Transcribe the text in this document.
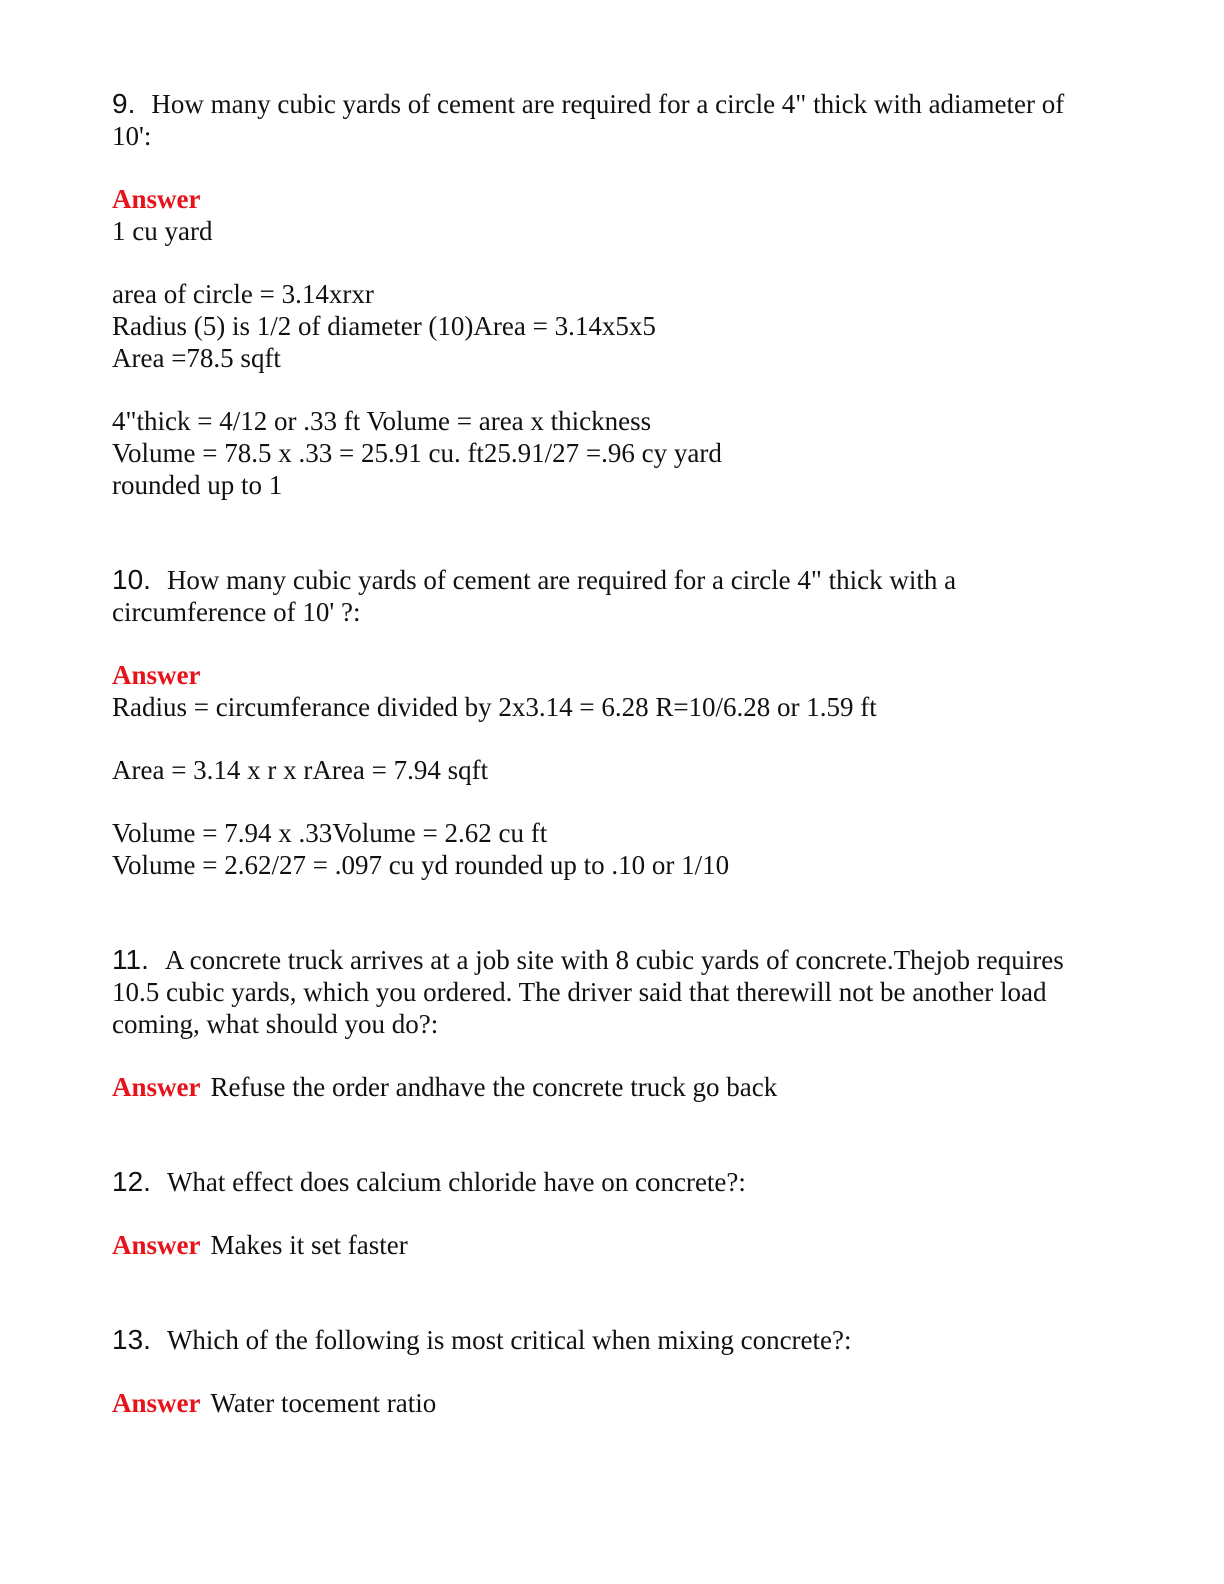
9. How many cubic yards of cement are required for a circle 4" thick with adiameter of
10':

Answer
1 cu yard
area of circle = 3.14xrxr
Radius (5) is 1/2 of diameter (10)Area = 3.14x5x5
Area =78.5 sqft
4"thick = 4/12 or .33 ft Volume = area x thickness
Volume = 78.5 x .33 = 25.91 cu. ft25.91/27 =.96 cy yard
rounded up to 1

10. How many cubic yards of cement are required for a circle 4" thick with a
circumference of 10' ?:

Answer
Radius = circumferance divided by 2x3.14 = 6.28 R=10/6.28 or 1.59 ft
Area = 3.14 x r x rArea = 7.94 sqft
Volume = 7.94 x .33Volume = 2.62 cu ft
Volume = 2.62/27 = .097 cu yd rounded up to .10 or 1/10

11. A concrete truck arrives at a job site with 8 cubic yards of concrete.Thejob requires
10.5 cubic yards, which you ordered. The driver said that therewill not be another load
coming, what should you do?:

Answer Refuse the order andhave the concrete truck go back

12. What effect does calcium chloride have on concrete?:

Answer Makes it set faster

13. Which of the following is most critical when mixing concrete?:

Answer Water tocement ratio
